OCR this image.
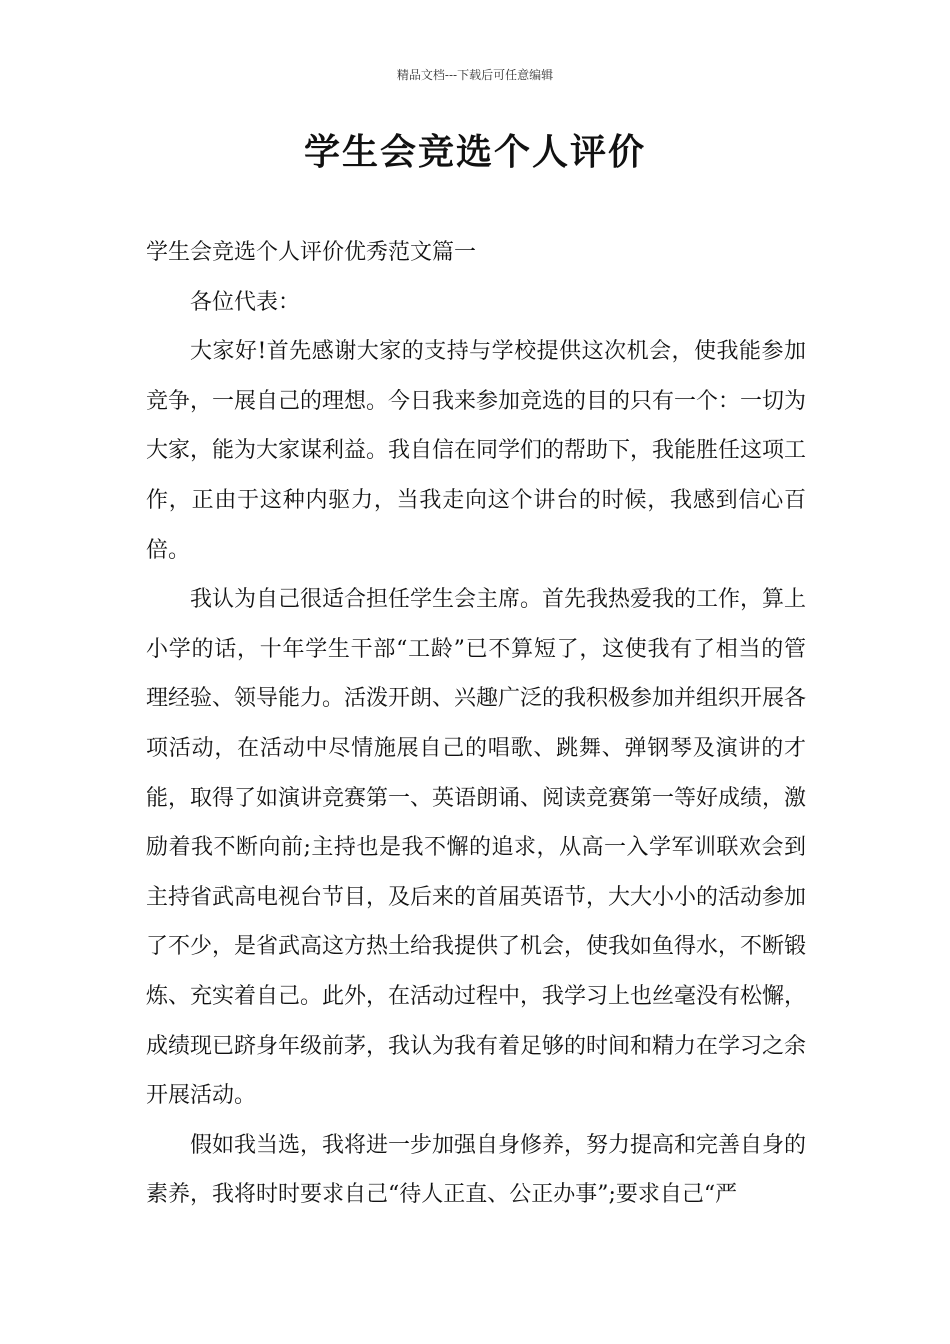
精品文档---下载后可任意编辑
学生会竞选个人评价

学生会竞选个人评价优秀范文篇一

各位代表：

大家好!首先感谢大家的支持与学校提供这次机会，使我能参加竞争，一展自己的理想。今日我来参加竞选的目的只有一个：一切为大家，能为大家谋利益。我自信在同学们的帮助下，我能胜任这项工作，正由于这种内驱力，当我走向这个讲台的时候，我感到信心百倍。

我认为自己很适合担任学生会主席。首先我热爱我的工作，算上小学的话，十年学生干部“工龄”已不算短了，这使我有了相当的管理经验、领导能力。活泼开朗、兴趣广泛的我积极参加并组织开展各项活动，在活动中尽情施展自己的唱歌、跳舞、弹钢琴及演讲的才能，取得了如演讲竞赛第一、英语朗诵、阅读竞赛第一等好成绩，激励着我不断向前;主持也是我不懈的追求，从高一入学军训联欢会到主持省武高电视台节目，及后来的首届英语节，大大小小的活动参加了不少，是省武高这方热土给我提供了机会，使我如鱼得水，不断锻炼、充实着自己。此外，在活动过程中，我学习上也丝毫没有松懈，成绩现已跻身年级前茅，我认为我有着足够的时间和精力在学习之余开展活动。

假如我当选，我将进一步加强自身修养，努力提高和完善自身的素养，我将时时要求自己“待人正直、公正办事”;要求自己“严
